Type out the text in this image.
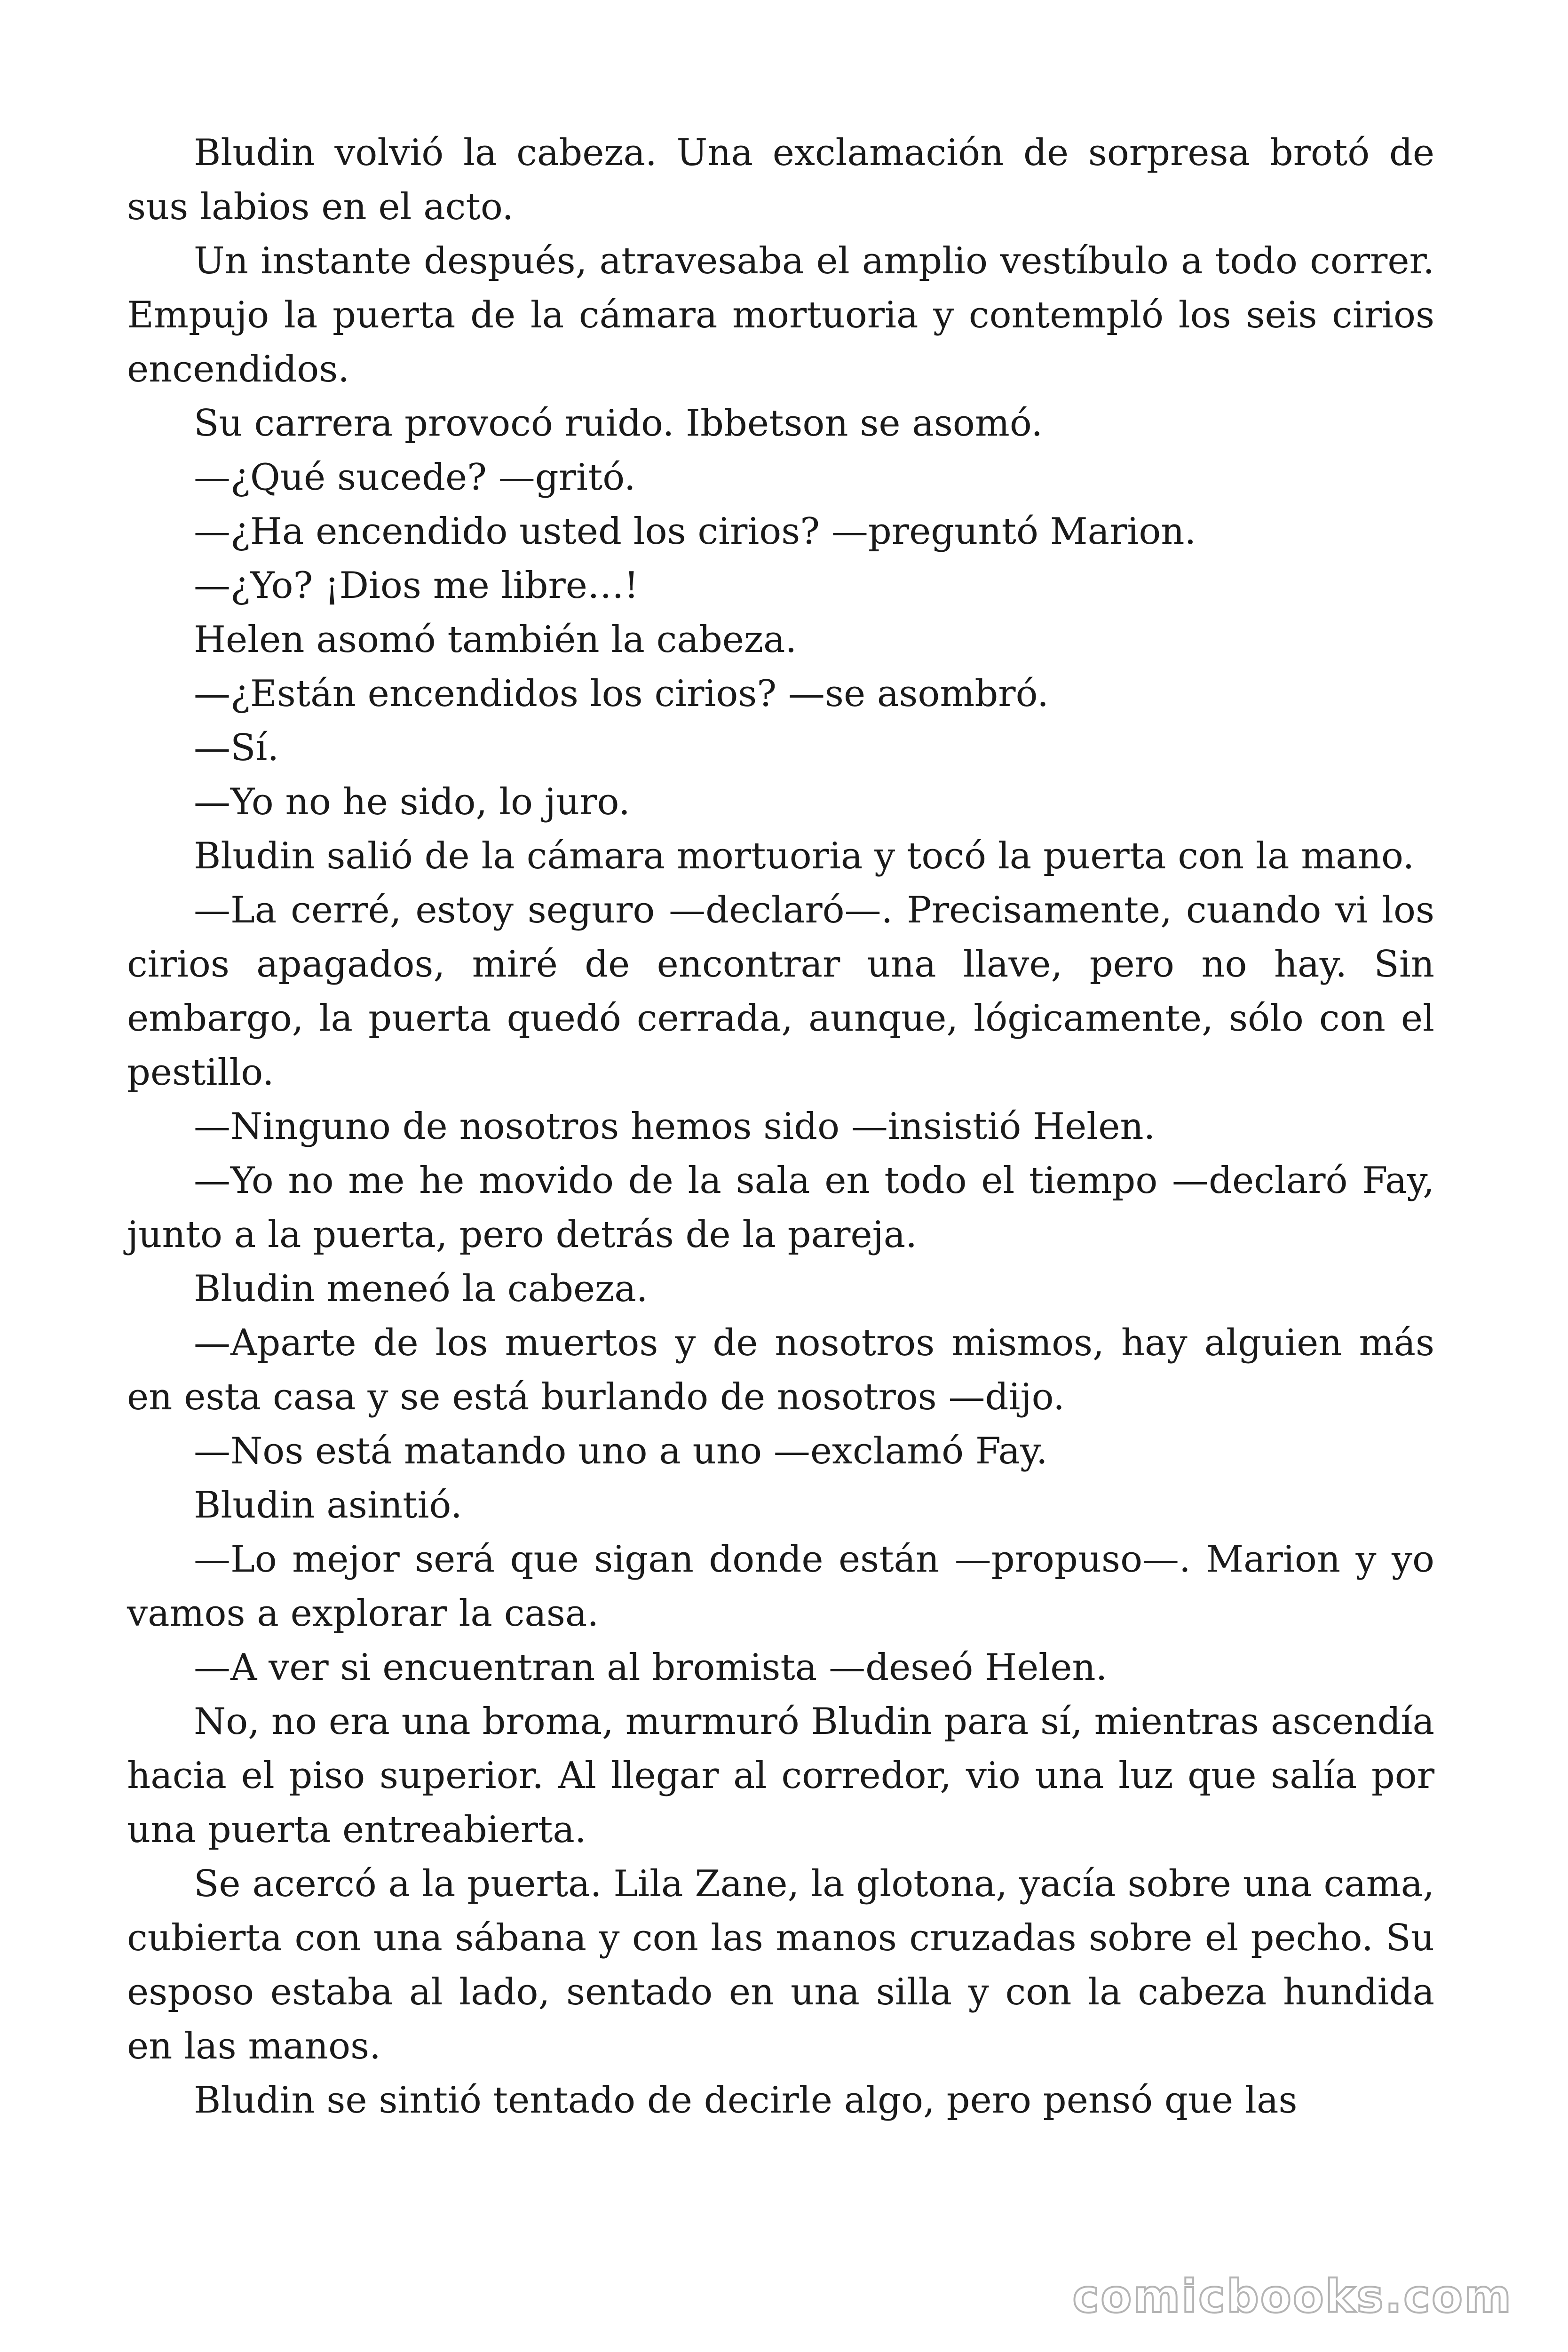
Bludin volvió la cabeza. Una exclamación de sorpresa brotó de sus labios en el acto.

Un instante después, atravesaba el amplio vestíbulo a todo correr. Empujo la puerta de la cámara mortuoria y contempló los seis cirios encendidos.

Su carrera provocó ruido. Ibbetson se asomó.

—¿Qué sucede? —gritó.

—¿Ha encendido usted los cirios? —preguntó Marion.

—¿Yo? ¡Dios me libre…!

Helen asomó también la cabeza.

—¿Están encendidos los cirios? —se asombró.

—Sí.

—Yo no he sido, lo juro.

Bludin salió de la cámara mortuoria y tocó la puerta con la mano.

—La cerré, estoy seguro —declaró—. Precisamente, cuando vi los cirios apagados, miré de encontrar una llave, pero no hay. Sin embargo, la puerta quedó cerrada, aunque, lógicamente, sólo con el pestillo.

—Ninguno de nosotros hemos sido —insistió Helen.

—Yo no me he movido de la sala en todo el tiempo —declaró Fay, junto a la puerta, pero detrás de la pareja.

Bludin meneó la cabeza.

—Aparte de los muertos y de nosotros mismos, hay alguien más en esta casa y se está burlando de nosotros —dijo.

—Nos está matando uno a uno —exclamó Fay.

Bludin asintió.

—Lo mejor será que sigan donde están —propuso—. Marion y yo vamos a explorar la casa.

—A ver si encuentran al bromista —deseó Helen.

No, no era una broma, murmuró Bludin para sí, mientras ascendía hacia el piso superior. Al llegar al corredor, vio una luz que salía por una puerta entreabierta.

Se acercó a la puerta. Lila Zane, la glotona, yacía sobre una cama, cubierta con una sábana y con las manos cruzadas sobre el pecho. Su esposo estaba al lado, sentado en una silla y con la cabeza hundida en las manos.

Bludin se sintió tentado de decirle algo, pero pensó que las

comicbooks.com
